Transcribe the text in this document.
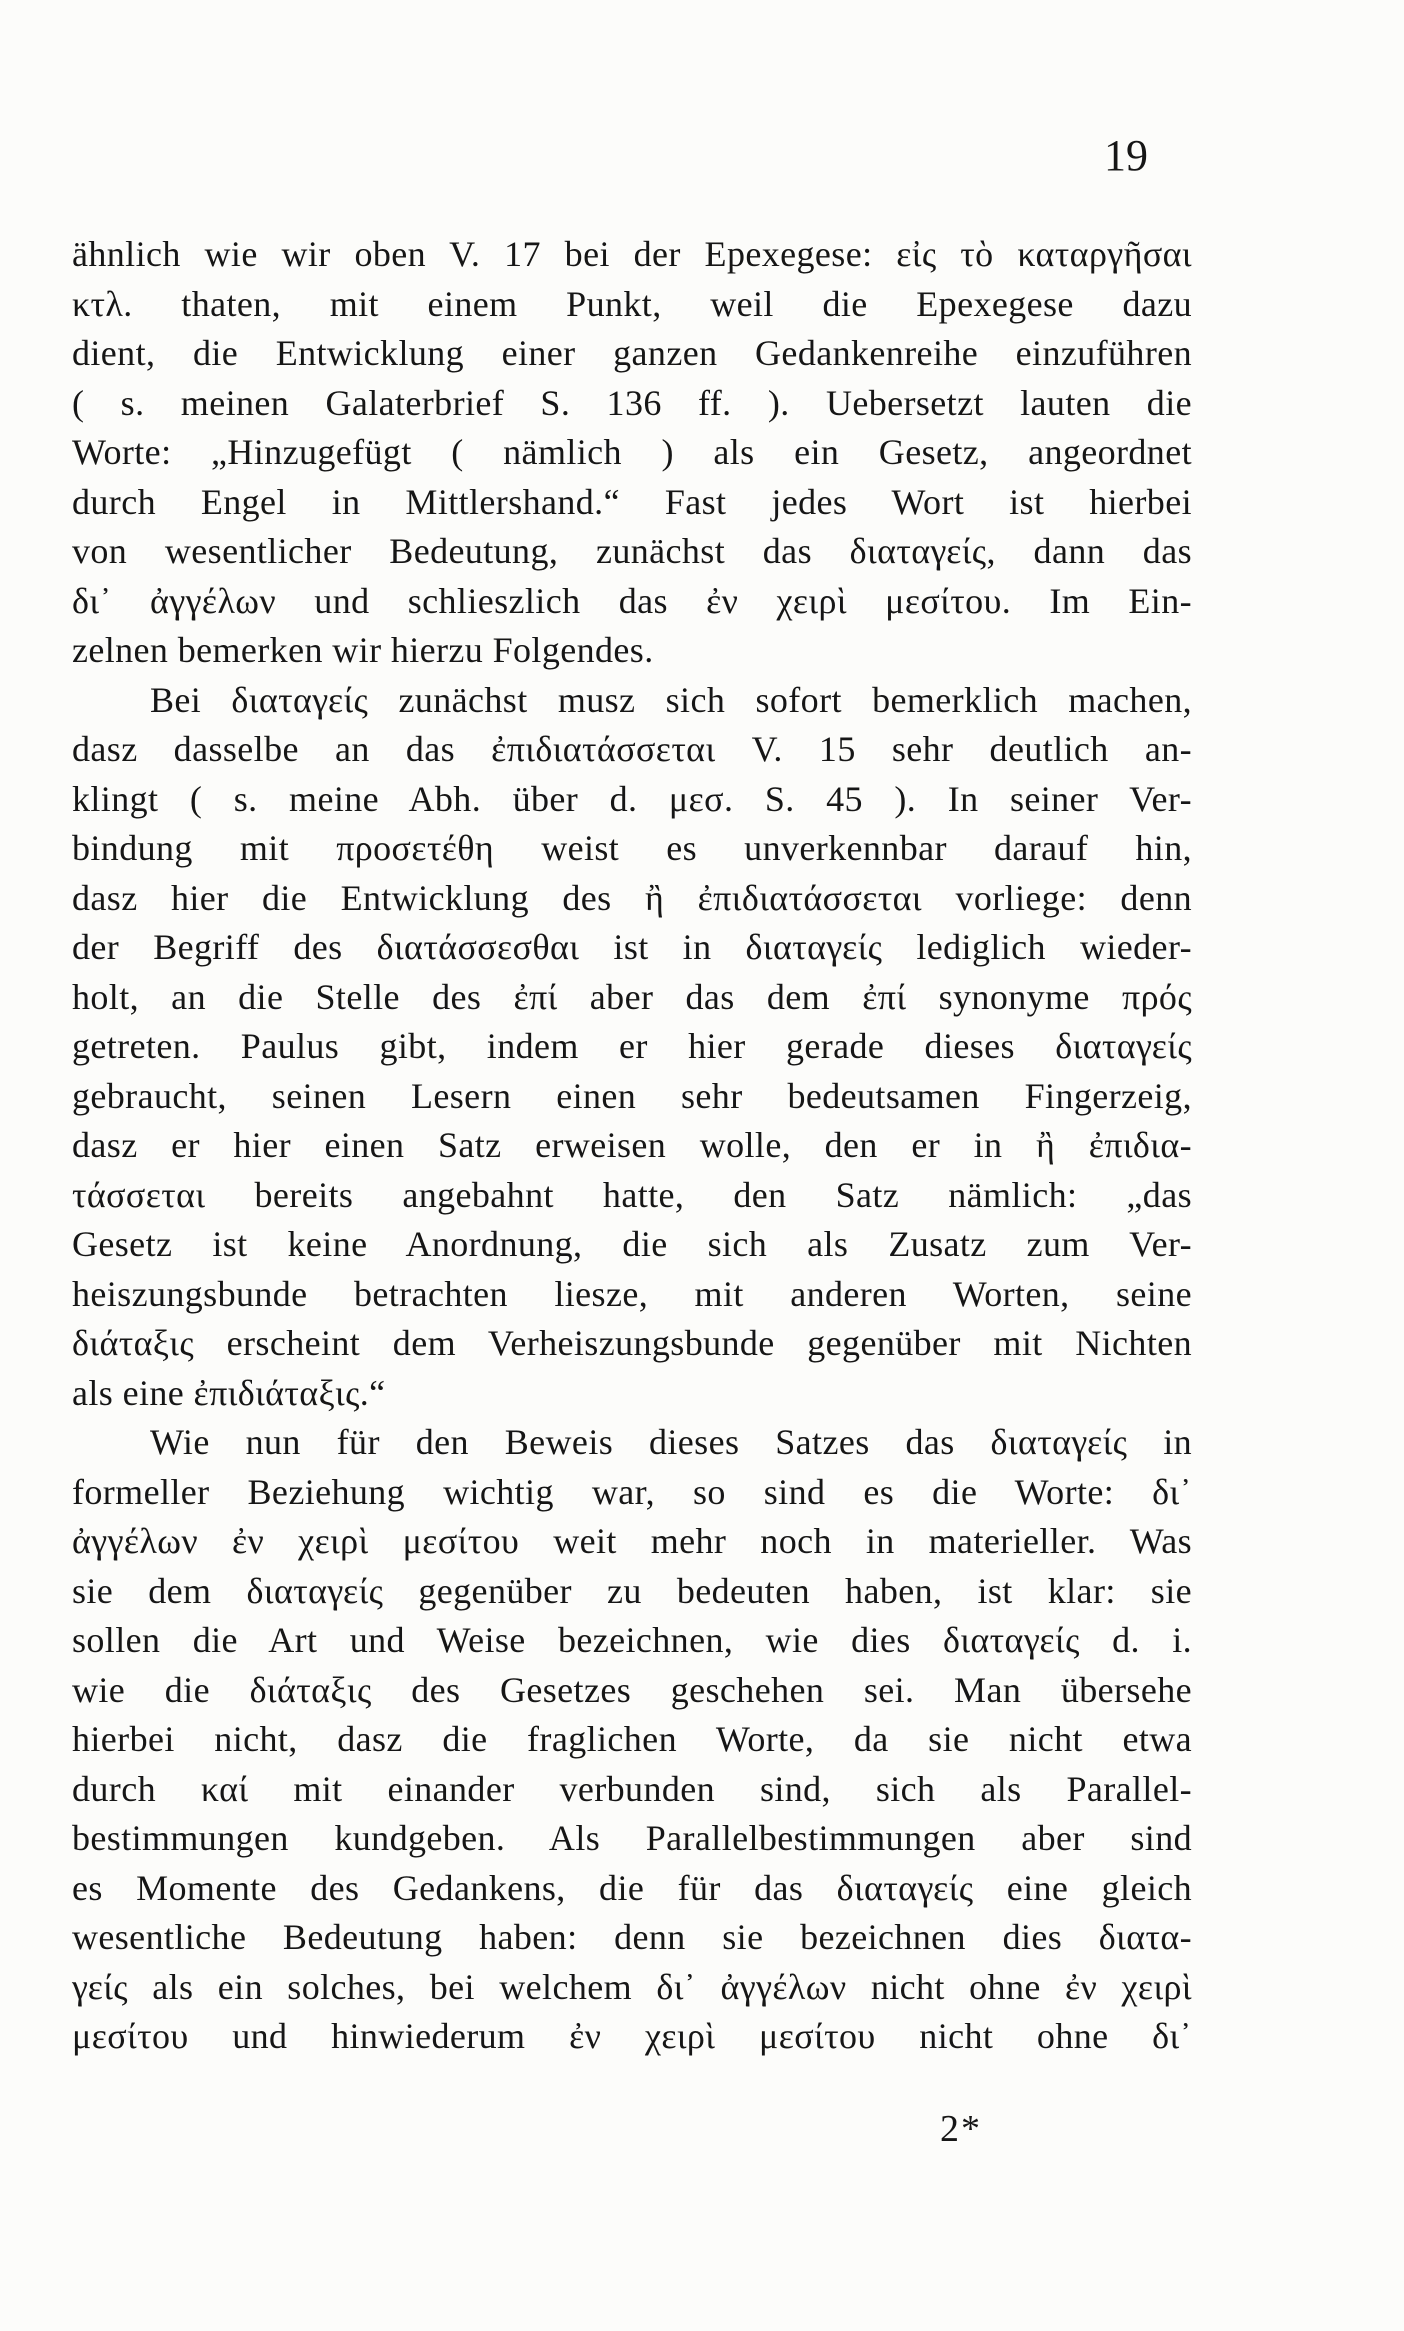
19
ähnlich wie wir oben V. 17 bei der Epexegese: εἰς τὸ καταργῆσαι
κτλ. thaten, mit einem Punkt, weil die Epexegese dazu
dient, die Entwicklung einer ganzen Gedankenreihe einzuführen
( s. meinen Galaterbrief S. 136 ff. ). Uebersetzt lauten die
Worte: „Hinzugefügt ( nämlich ) als ein Gesetz, angeordnet
durch Engel in Mittlershand.“ Fast jedes Wort ist hierbei
von wesentlicher Bedeutung, zunächst das διαταγείς, dann das
δι᾿ ἀγγέλων und schlieszlich das ἐν χειρὶ μεσίτου. Im Ein-
zelnen bemerken wir hierzu Folgendes.
Bei διαταγείς zunächst musz sich sofort bemerklich machen,
dasz dasselbe an das ἐπιδιατάσσεται V. 15 sehr deutlich an-
klingt ( s. meine Abh. über d. μεσ. S. 45 ). In seiner Ver-
bindung mit προσετέθη weist es unverkennbar darauf hin,
dasz hier die Entwicklung des ἢ ἐπιδιατάσσεται vorliege: denn
der Begriff des διατάσσεσθαι ist in διαταγείς lediglich wieder-
holt, an die Stelle des ἐπί aber das dem ἐπί synonyme πρός
getreten. Paulus gibt, indem er hier gerade dieses διαταγείς
gebraucht, seinen Lesern einen sehr bedeutsamen Fingerzeig,
dasz er hier einen Satz erweisen wolle, den er in ἢ ἐπιδια-
τάσσεται bereits angebahnt hatte, den Satz nämlich: „das
Gesetz ist keine Anordnung, die sich als Zusatz zum Ver-
heiszungsbunde betrachten liesze, mit anderen Worten, seine
διάταξις erscheint dem Verheiszungsbunde gegenüber mit Nichten
als eine ἐπιδιάταξις.“
Wie nun für den Beweis dieses Satzes das διαταγείς in
formeller Beziehung wichtig war, so sind es die Worte: δι᾿
ἀγγέλων ἐν χειρὶ μεσίτου weit mehr noch in materieller. Was
sie dem διαταγείς gegenüber zu bedeuten haben, ist klar: sie
sollen die Art und Weise bezeichnen, wie dies διαταγείς d. i.
wie die διάταξις des Gesetzes geschehen sei. Man übersehe
hierbei nicht, dasz die fraglichen Worte, da sie nicht etwa
durch καί mit einander verbunden sind, sich als Parallel-
bestimmungen kundgeben. Als Parallelbestimmungen aber sind
es Momente des Gedankens, die für das διαταγείς eine gleich
wesentliche Bedeutung haben: denn sie bezeichnen dies διατα-
γείς als ein solches, bei welchem δι᾿ ἀγγέλων nicht ohne ἐν χειρὶ
μεσίτου und hinwiederum ἐν χειρὶ μεσίτου nicht ohne δι᾿
2*
